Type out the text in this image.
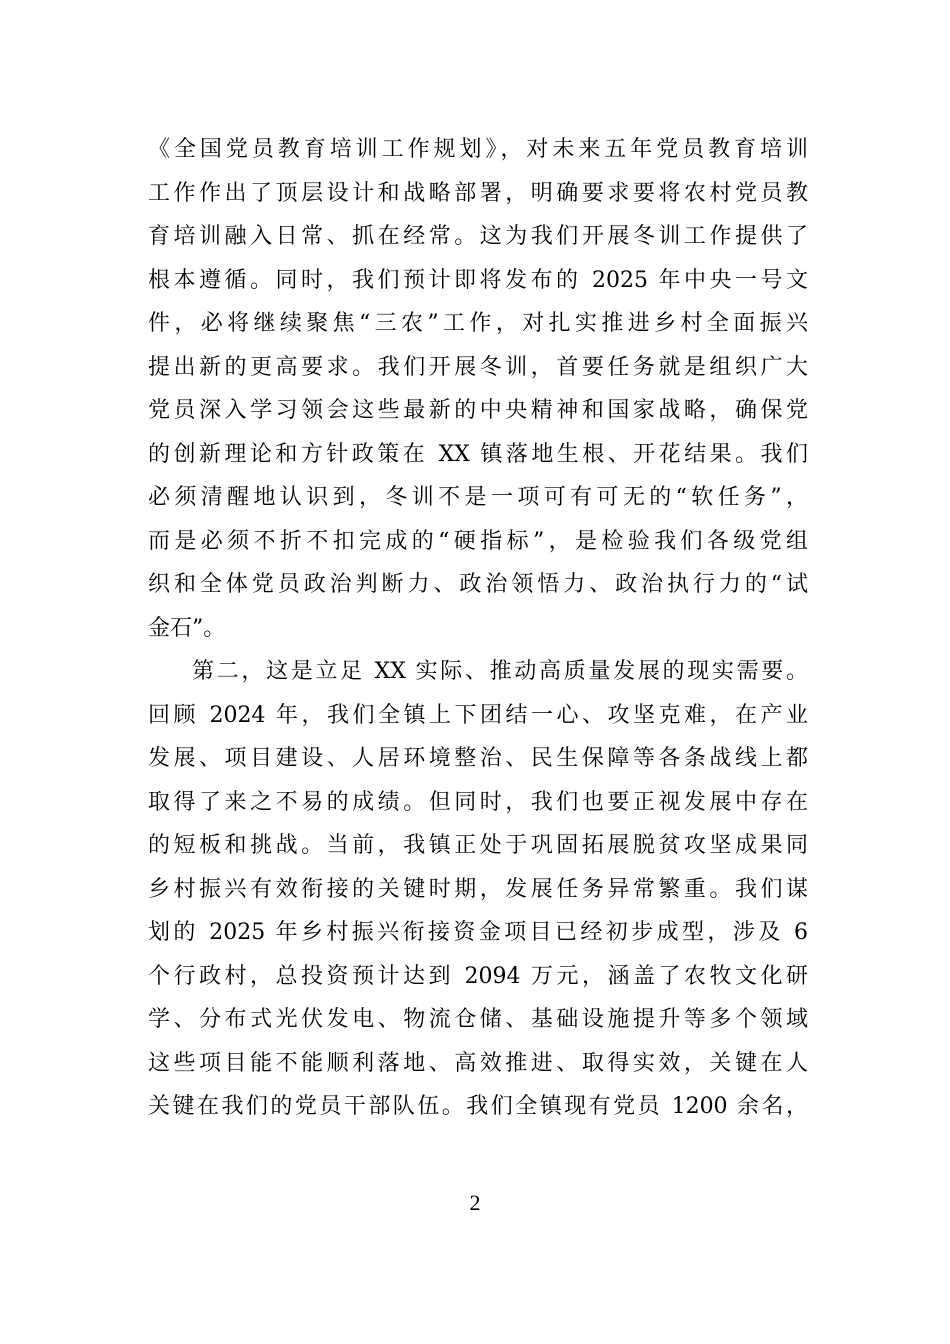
《全国党员教育培训工作规划》，对未来五年党员教育培训
工作作出了顶层设计和战略部署，明确要求要将农村党员教
育培训融入日常、抓在经常。这为我们开展冬训工作提供了
根本遵循。同时，我们预计即将发布的 2025 年中央一号文
件，必将继续聚焦“三农”工作，对扎实推进乡村全面振兴
提出新的更高要求。我们开展冬训，首要任务就是组织广大
党员深入学习领会这些最新的中央精神和国家战略，确保党
的创新理论和方针政策在 XX 镇落地生根、开花结果。我们
必须清醒地认识到，冬训不是一项可有可无的“软任务”，
而是必须不折不扣完成的“硬指标”，是检验我们各级党组
织和全体党员政治判断力、政治领悟力、政治执行力的“试
金石”。
第二，这是立足 XX 实际、推动高质量发展的现实需要。
回顾 2024 年，我们全镇上下团结一心、攻坚克难，在产业
发展、项目建设、人居环境整治、民生保障等各条战线上都
取得了来之不易的成绩。但同时，我们也要正视发展中存在
的短板和挑战。当前，我镇正处于巩固拓展脱贫攻坚成果同
乡村振兴有效衔接的关键时期，发展任务异常繁重。我们谋
划的 2025 年乡村振兴衔接资金项目已经初步成型，涉及 6
个行政村，总投资预计达到 2094 万元，涵盖了农牧文化研
学、分布式光伏发电、物流仓储、基础设施提升等多个领域
这些项目能不能顺利落地、高效推进、取得实效，关键在人
关键在我们的党员干部队伍。我们全镇现有党员 1200 余名，
2
